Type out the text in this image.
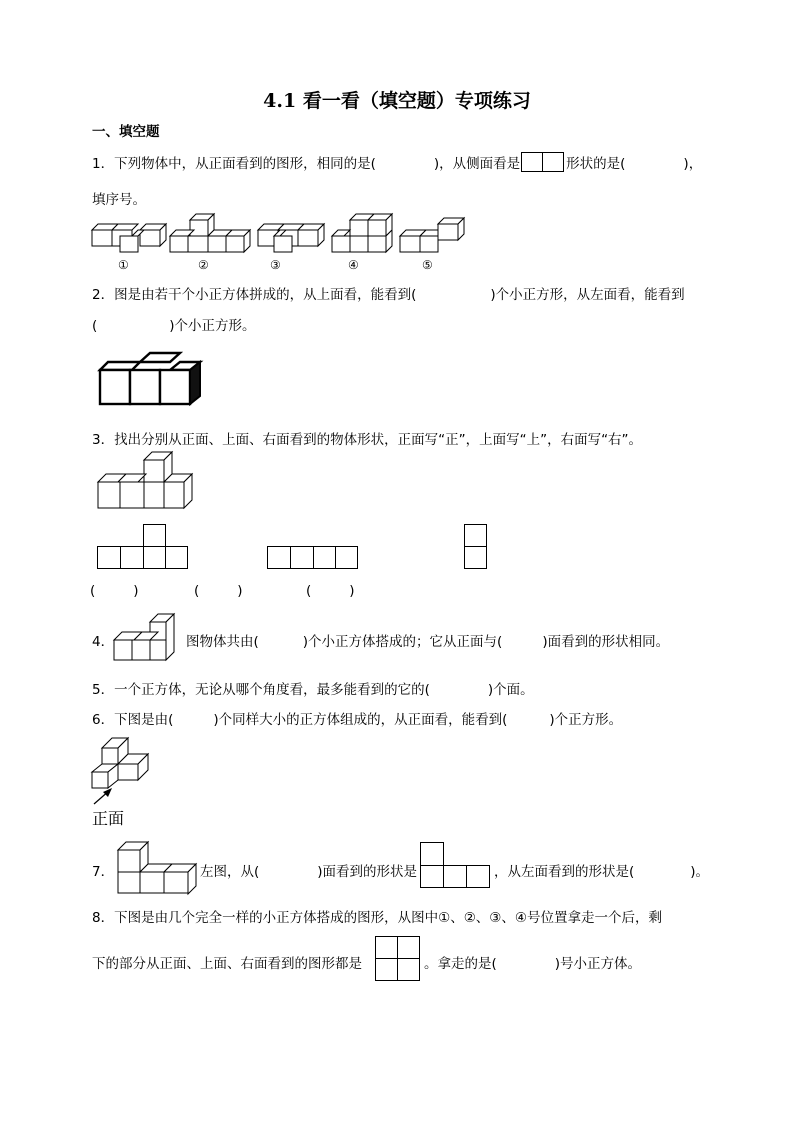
4.1 看一看（填空题）专项练习
一、填空题
1．下列物体中，从正面看到的图形，相同的是(	)，从侧面看是	形状的是(	)，
填序号。
①	②	③	④	⑤
2．图是由若干个小正方体拼成的，从上面看，能看到(	)个小正方形，从左面看，能看到
(	)个小正方形。
3．找出分别从正面、上面、右面看到的物体形状，正面写“正”，上面写“上”，右面写“右”。
(	)	(	)	(	)
4．	图物体共由(	)个小正方体搭成的；它从正面与(	)面看到的形状相同。
5．一个正方体，无论从哪个角度看，最多能看到的它的(	)个面。
6．下图是由(	)个同样大小的正方体组成的，从正面看，能看到(	)个正方形。
正面
7．	左图，从(	)面看到的形状是	，从左面看到的形状是(	)。
8．下图是由几个完全一样的小正方体搭成的图形，从图中①、②、③、④号位置拿走一个后，剩
下的部分从正面、上面、右面看到的图形都是	。拿走的是(	)号小正方体。
